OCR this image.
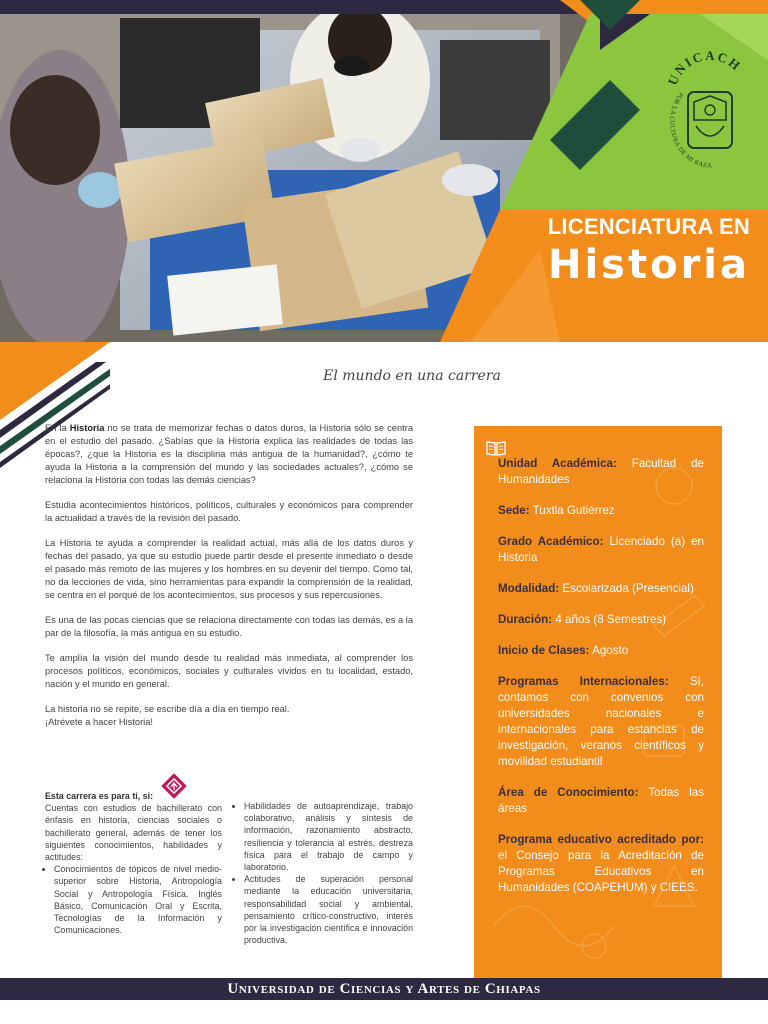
UNICACH
POR LA CULTURA DE MI RAZA
LICENCIATURA EN
Historia
El mundo en una carrera

En la Historia no se trata de memorizar fechas o datos duros, la Historia sólo se centra en el estudio del pasado. ¿Sabías que la Historia explica las realidades de todas las épocas?, ¿que la Historia es la disciplina más antigua de la humanidad?, ¿cómo te ayuda la Historia a la comprensión del mundo y las sociedades actuales?, ¿cómo se relaciona la Historia con todas las demás ciencias?

Estudia acontecimientos históricos, políticos, culturales y económicos para comprender la actualidad a través de la revisión del pasado.

La Historia te ayuda a comprender la realidad actual, más allá de los datos duros y fechas del pasado, ya que su estudio puede partir desde el presente inmediato o desde el pasado más remoto de las mujeres y los hombres en su devenir del tiempo. Como tal, no da lecciones de vida, sino herramientas para expandir la comprensión de la realidad, se centra en el porqué de los acontecimientos, sus procesos y sus repercusiones.

Es una de las pocas ciencias que se relaciona directamente con todas las demás, es a la par de la filosofía, la más antigua en su estudio.

Te amplía la visión del mundo desde tu realidad más inmediata, al comprender los procesos políticos, económicos, sociales y culturales vividos en tu localidad, estado, nación y el mundo en general.

La historia no se repite, se escribe día a día en tiempo real.
¡Atrévete a hacer Historia!

Esta carrera es para ti, si:
Cuentas con estudios de bachillerato con énfasis en historia, ciencias sociales o bachillerato general, además de tener los siguientes conocimientos, habilidades y actitudes:
• Conocimientos de tópicos de nivel medio-superior sobre Historia, Antropología Social y Antropología Física, Inglés Básico, Comunicación Oral y Escrita, Tecnologías de la Información y Comunicaciones.
• Habilidades de autoaprendizaje, trabajo colaborativo, análisis y síntesis de información, razonamiento abstracto, resiliencia y tolerancia al estrés, destreza física para el trabajo de campo y laboratorio.
• Actitudes de superación personal mediante la educación universitaria, responsabilidad social y ambiental, pensamiento crítico-constructivo, interés por la investigación científica e innovación productiva.
Unidad Académica: Facultad de Humanidades
Sede: Tuxtla Gutiérrez
Grado Académico: Licenciado (a) en Historia
Modalidad: Escolarizada (Presencial)
Duración: 4 años (8 Semestres)
Inicio de Clases: Agosto
Programas Internacionales: Sí, contamos con convenios con universidades nacionales e internacionales para estancias de investigación, veranos científicos y movilidad estudiantil
Área de Conocimiento: Todas las áreas
Programa educativo acreditado por: el Consejo para la Acreditación de Programas Educativos en Humanidades (COAPEHUM) y CIEES.
Universidad de Ciencias y Artes de Chiapas
